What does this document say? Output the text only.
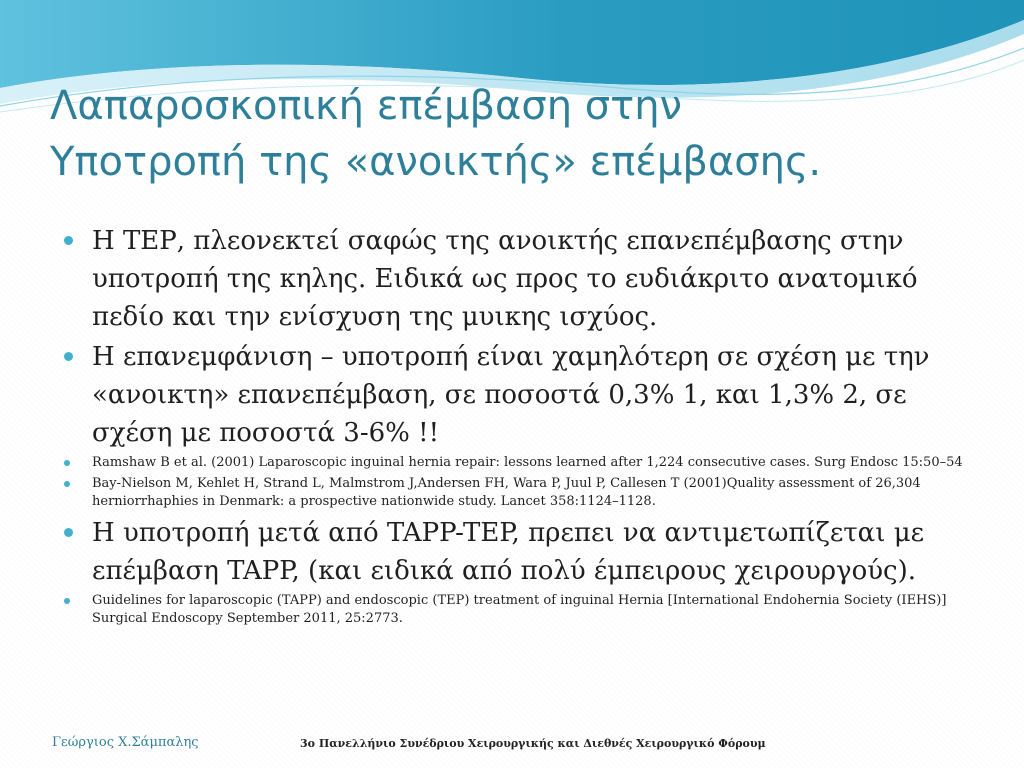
Λαπαροσκοπική επέμβαση στην
Υποτροπή της «ανοικτής» επέμβασης.
Η ΤΕΡ, πλεονεκτεί σαφώς της ανοικτής επανεπέμβασης στην υποτροπή της κηλης. Ειδικά ως προς το ευδιάκριτο ανατομικό πεδίο και την ενίσχυση της μυικης ισχύος.
Η επανεμφάνιση – υποτροπή είναι χαμηλότερη σε σχέση με την «ανοικτη» επανεπέμβαση, σε ποσοστά 0,3% 1, και 1,3% 2, σε σχέση με ποσοστά 3-6% !!
Ramshaw B et al. (2001) Laparoscopic inguinal hernia repair: lessons learned after 1,224 consecutive cases. Surg Endosc 15:50–54
Bay-Nielson M, Kehlet H, Strand L, Malmstrom J,Andersen FH, Wara P, Juul P, Callesen T (2001)Quality assessment of 26,304 herniorrhaphies in Denmark: a prospective nationwide study. Lancet 358:1124–1128.
Η υποτροπή μετά από TAPP-TEP, πρεπει να αντιμετωπίζεται με επέμβαση TAPP, (και ειδικά από πολύ έμπειρους χειρουργούς).
Guidelines for laparoscopic (TAPP) and endoscopic (TEP) treatment of inguinal Hernia [International Endohernia Society (IEHS)] Surgical Endoscopy September 2011, 25:2773.
Γεώργιος Χ.Σάμπαλης	3ο Πανελλήνιο Συνέδριου Χειρουργικής και Διεθνές Χειρουργικό Φόρουμ
